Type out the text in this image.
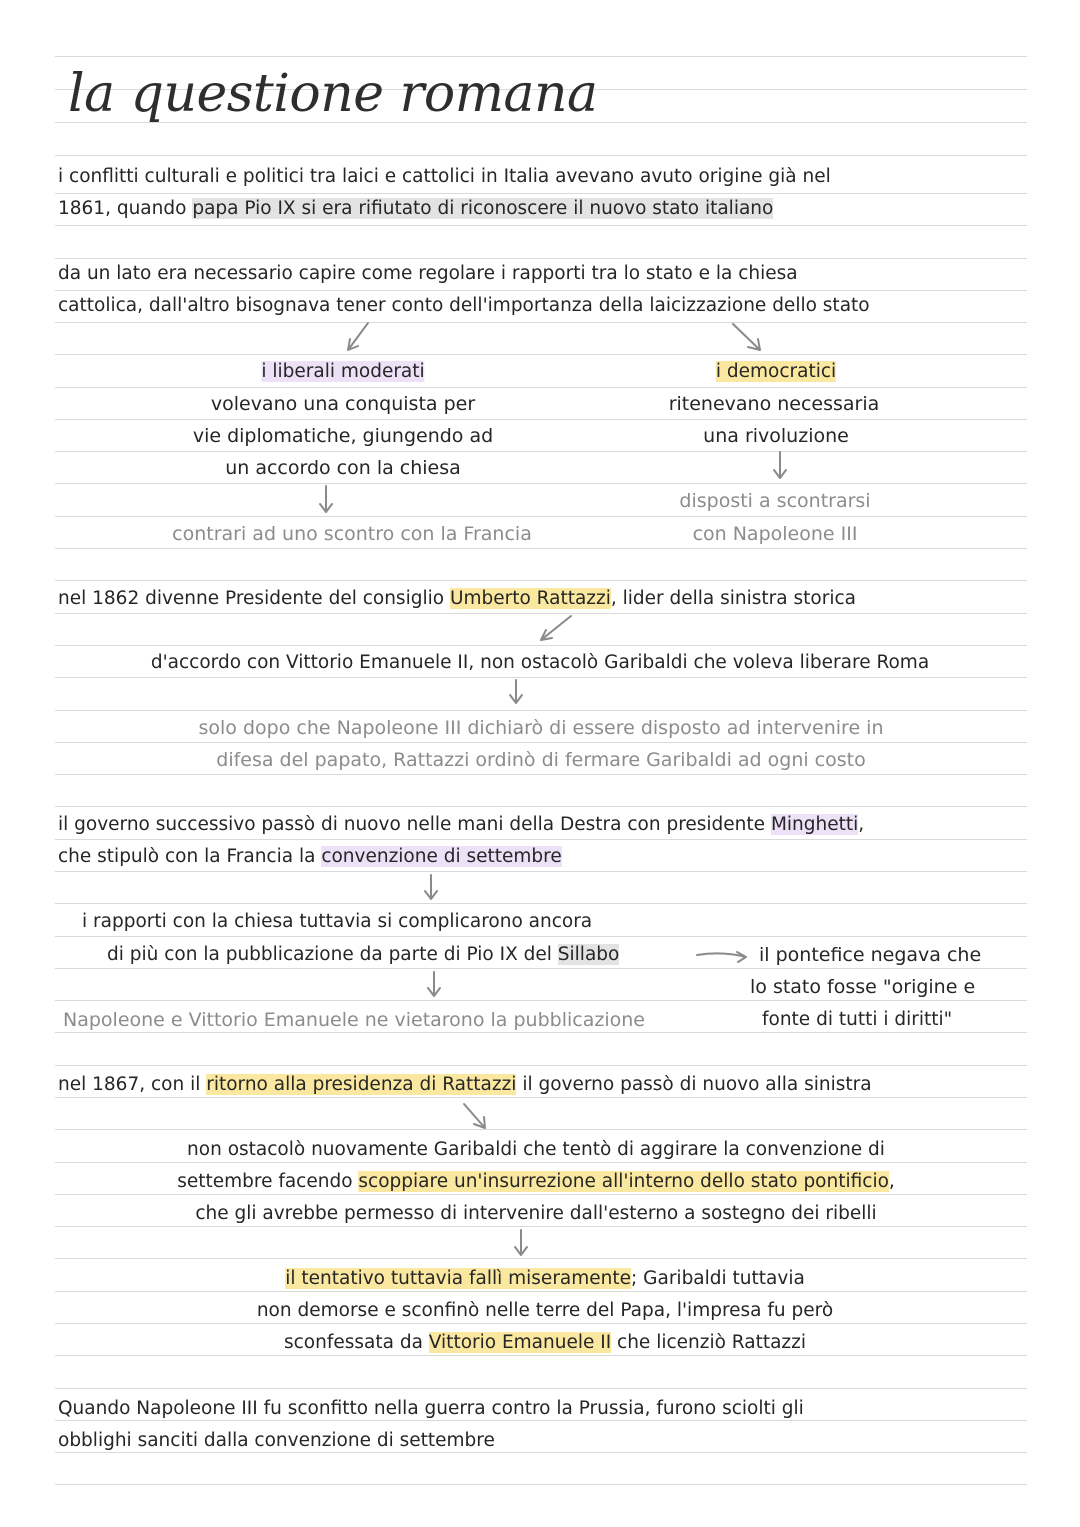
la questione romana
i conflitti culturali e politici tra laici e cattolici in Italia avevano avuto origine già nel
1861, quando papa Pio IX si era rifiutato di riconoscere il nuovo stato italiano
da un lato era necessario capire come regolare i rapporti tra lo stato e la chiesa
cattolica, dall'altro bisognava tener conto dell'importanza della laicizzazione dello stato
i liberali moderati
volevano una conquista per
vie diplomatiche, giungendo ad
un accordo con la chiesa
contrari ad uno scontro con la Francia
i democratici
ritenevano necessaria
una rivoluzione
disposti a scontrarsi
con Napoleone III
nel 1862 divenne Presidente del consiglio Umberto Rattazzi, lider della sinistra storica
d'accordo con Vittorio Emanuele II, non ostacolò Garibaldi che voleva liberare Roma
solo dopo che Napoleone III dichiarò di essere disposto ad intervenire in
difesa del papato, Rattazzi ordinò di fermare Garibaldi ad ogni costo
il governo successivo passò di nuovo nelle mani della Destra con presidente Minghetti,
che stipulò con la Francia la convenzione di settembre
i rapporti con la chiesa tuttavia si complicarono ancora
di più con la pubblicazione da parte di Pio IX del Sillabo	il pontefice negava che
lo stato fosse "origine e
fonte di tutti i diritti"
Napoleone e Vittorio Emanuele ne vietarono la pubblicazione
nel 1867, con il ritorno alla presidenza di Rattazzi il governo passò di nuovo alla sinistra
non ostacolò nuovamente Garibaldi che tentò di aggirare la convenzione di
settembre facendo scoppiare un'insurrezione all'interno dello stato pontificio,
che gli avrebbe permesso di intervenire dall'esterno a sostegno dei ribelli
il tentativo tuttavia fallì miseramente; Garibaldi tuttavia
non demorse e sconfinò nelle terre del Papa, l'impresa fu però
sconfessata da Vittorio Emanuele II che licenziò Rattazzi
Quando Napoleone III fu sconfitto nella guerra contro la Prussia, furono sciolti gli
obblighi sanciti dalla convenzione di settembre
